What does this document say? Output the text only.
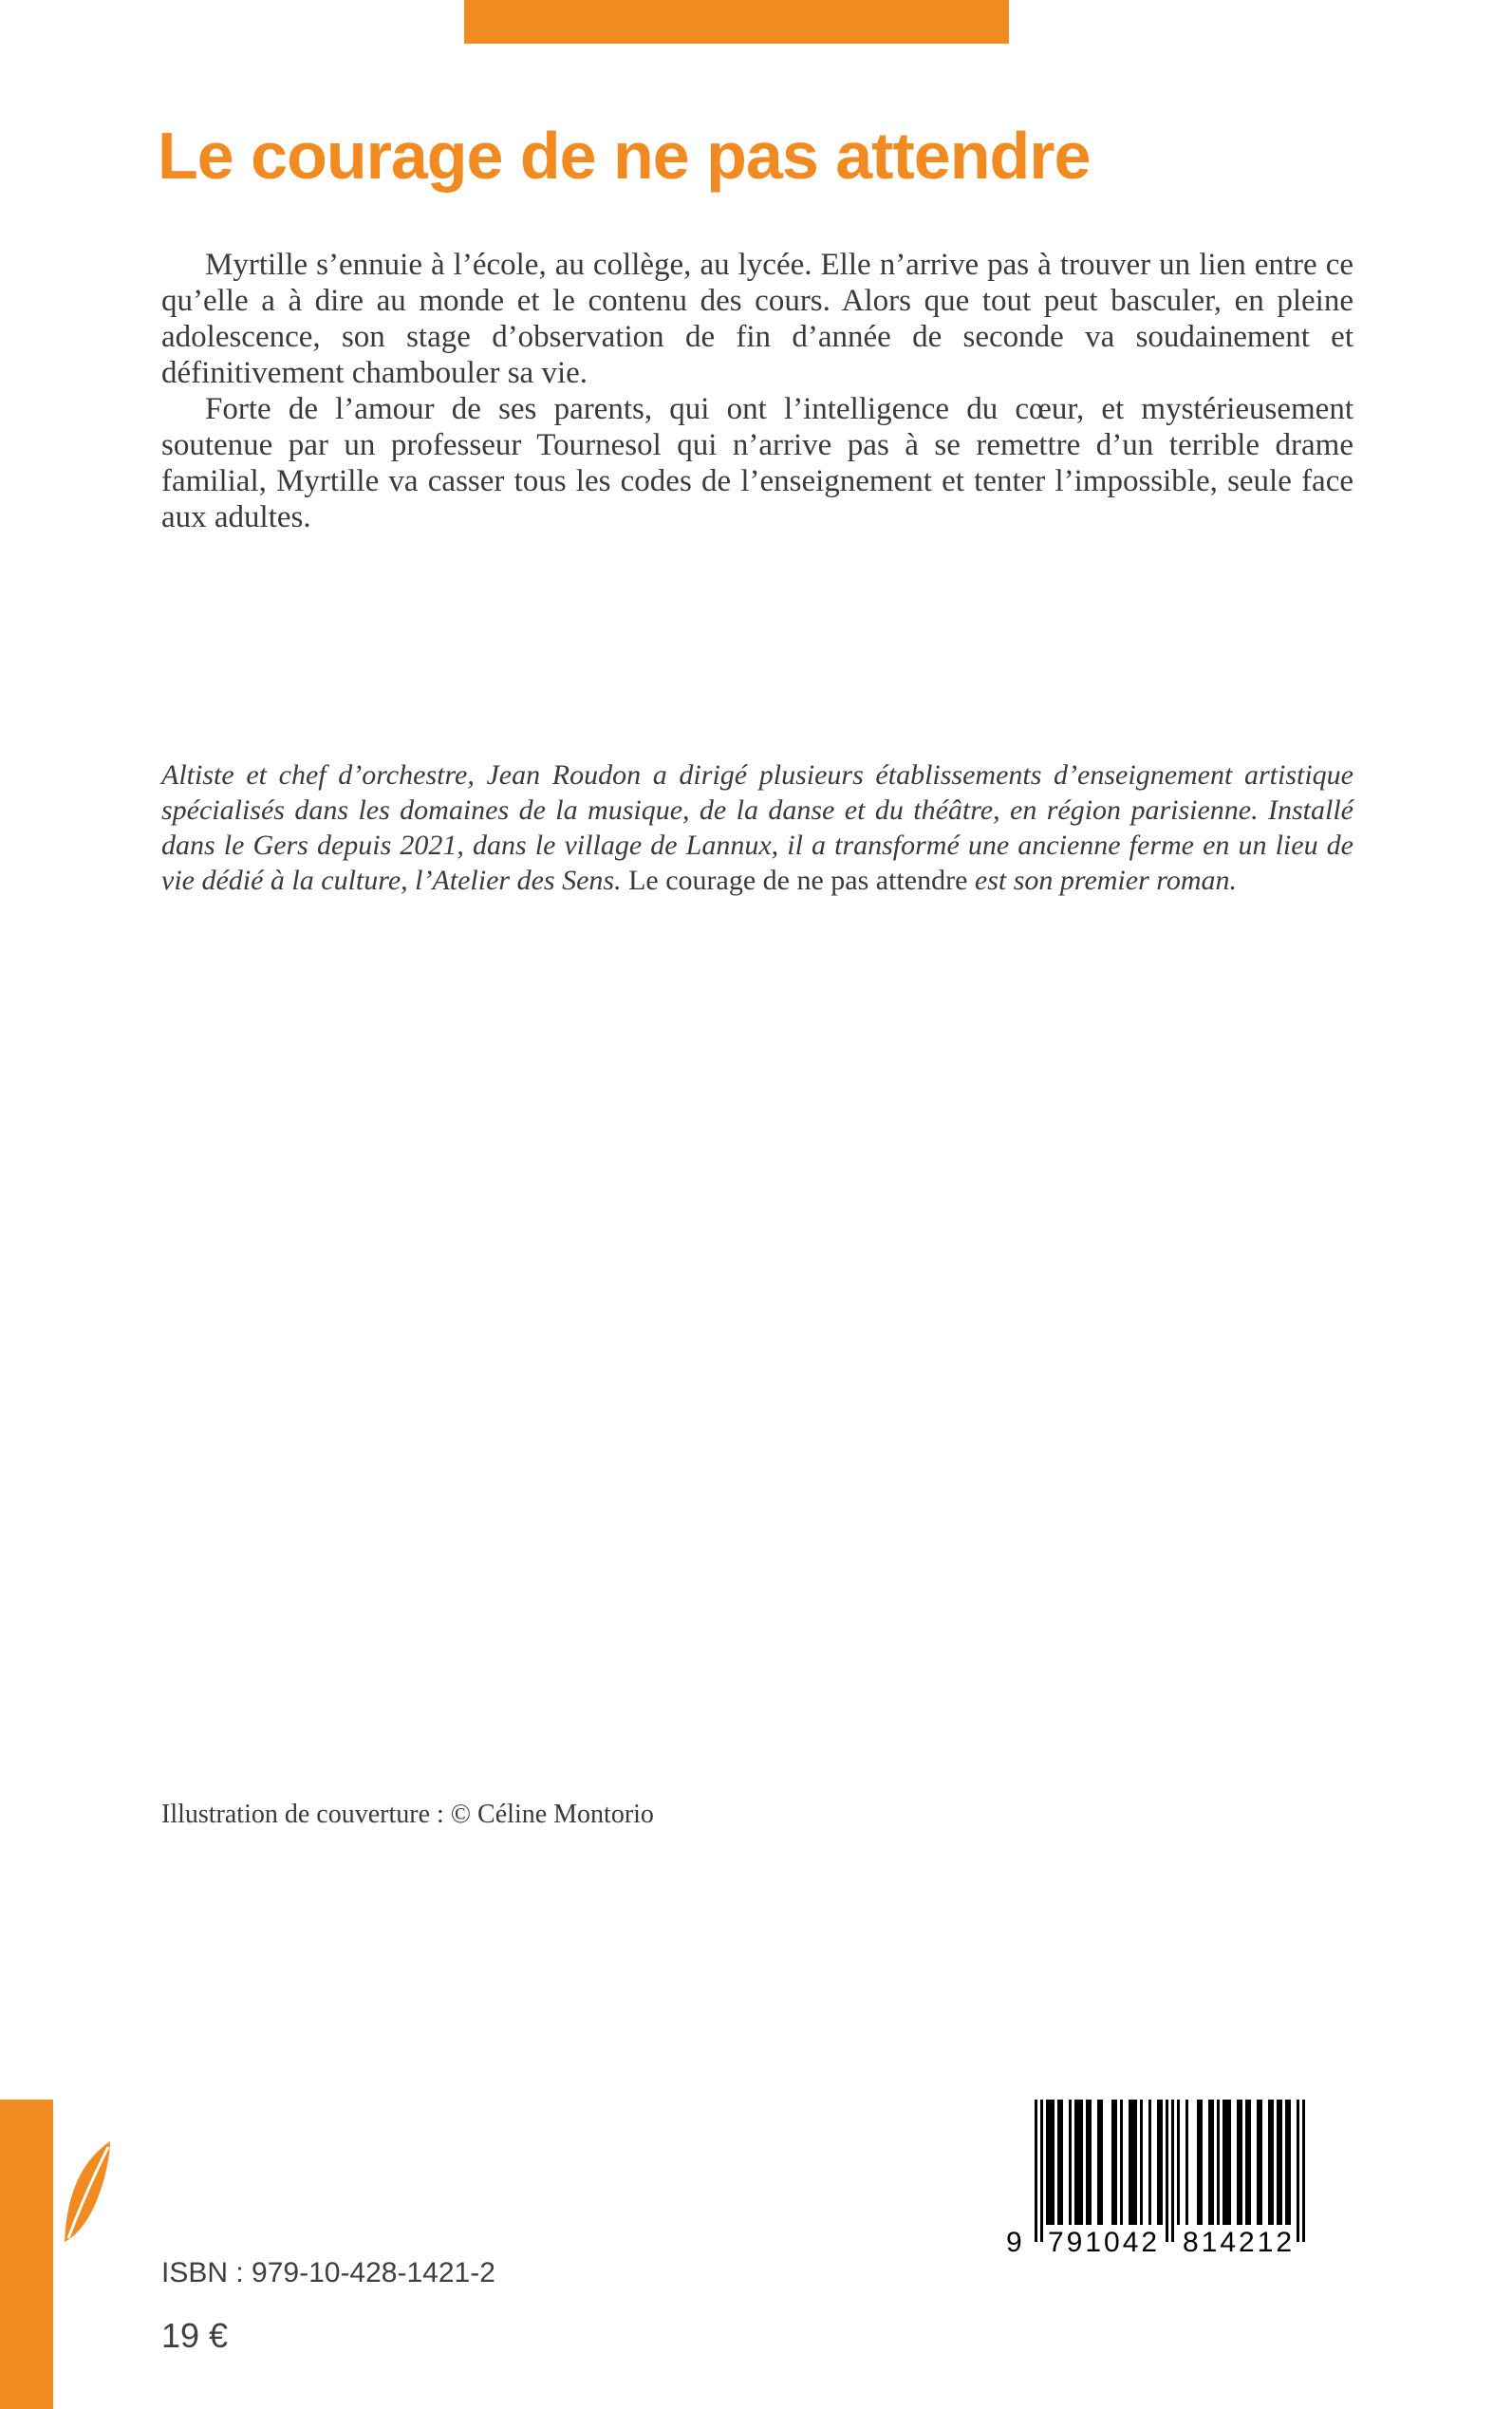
Le courage de ne pas attendre

Myrtille s’ennuie à l’école, au collège, au lycée. Elle n’arrive pas à trouver un lien entre ce qu’elle a à dire au monde et le contenu des cours. Alors que tout peut basculer, en pleine adolescence, son stage d’observation de fin d’année de seconde va soudainement et définitivement chambouler sa vie.

Forte de l’amour de ses parents, qui ont l’intelligence du cœur, et mystérieusement soutenue par un professeur Tournesol qui n’arrive pas à se remettre d’un terrible drame familial, Myrtille va casser tous les codes de l’enseignement et tenter l’impossible, seule face aux adultes.

Altiste et chef d’orchestre, Jean Roudon a dirigé plusieurs établissements d’enseignement artistique spécialisés dans les domaines de la musique, de la danse et du théâtre, en région parisienne. Installé dans le Gers depuis 2021, dans le village de Lannux, il a transformé une ancienne ferme en un lieu de vie dédié à la culture, l’Atelier des Sens. Le courage de ne pas attendre est son premier roman.

Illustration de couverture : © Céline Montorio

ISBN : 979-10-428-1421-2
19 €
9 791042 814212
